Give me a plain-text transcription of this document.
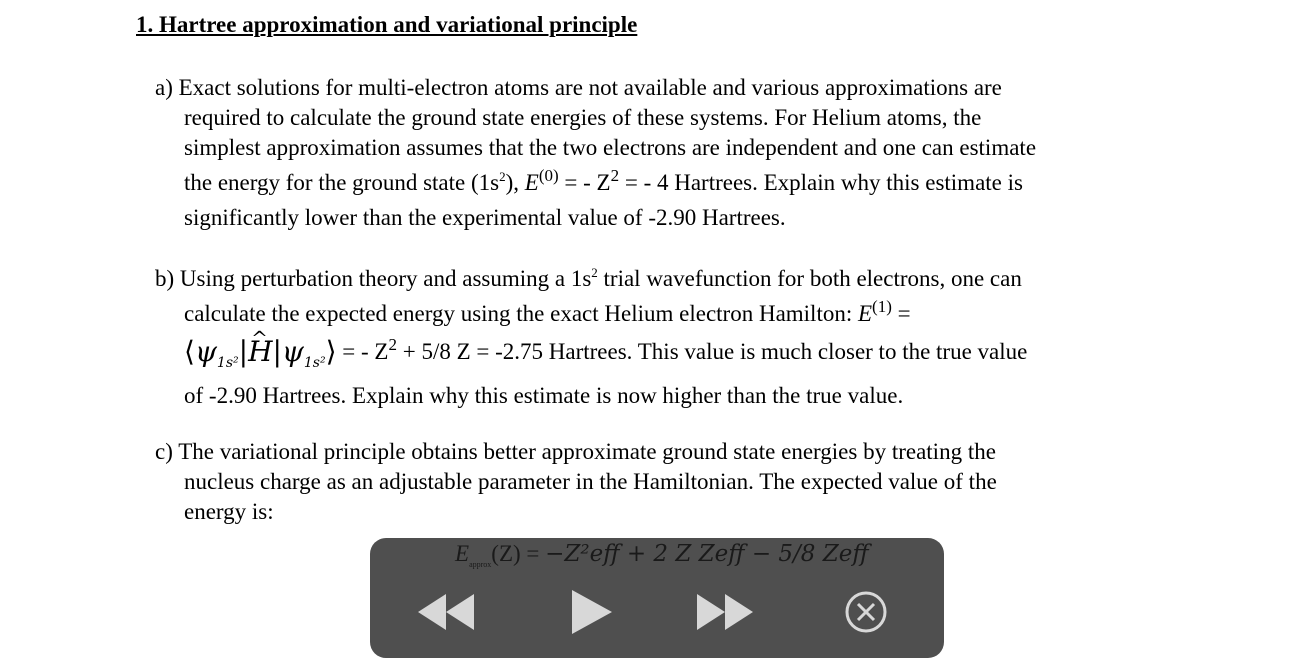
1. Hartree approximation and variational principle
a) Exact solutions for multi-electron atoms are not available and various approximations are
required to calculate the ground state energies of these systems. For Helium atoms, the
simplest approximation assumes that the two electrons are independent and one can estimate
the energy for the ground state $(1s^2)$, $E^{(0)}$ = - $Z^2$ = - 4 Hartrees. Explain why this estimate is
significantly lower than the experimental value of -2.90 Hartrees.
b) Using perturbation theory and assuming a $1s^2$ trial wavefunction for both electrons, one can
calculate the expected energy using the exact Helium electron Hamilton: $E^{(1)}$ =
$⟨\psi_{1s^2}|\^{}$ $H|\psi_{1s^2}⟩$ = - $Z^2 + 5/8$ Z = -2.75 Hartrees. This value is much closer to the true value
of -2.90 Hartrees. Explain why this estimate is now higher than the true value.
c) The variational principle obtains better approximate ground state energies by treating the
nucleus charge as an adjustable parameter in the Hamiltonian. The expected value of the
energy is:
$E_{approx}(Z) = -Z^2eff + 2$ Z Zeff − 5/8 Zeff
